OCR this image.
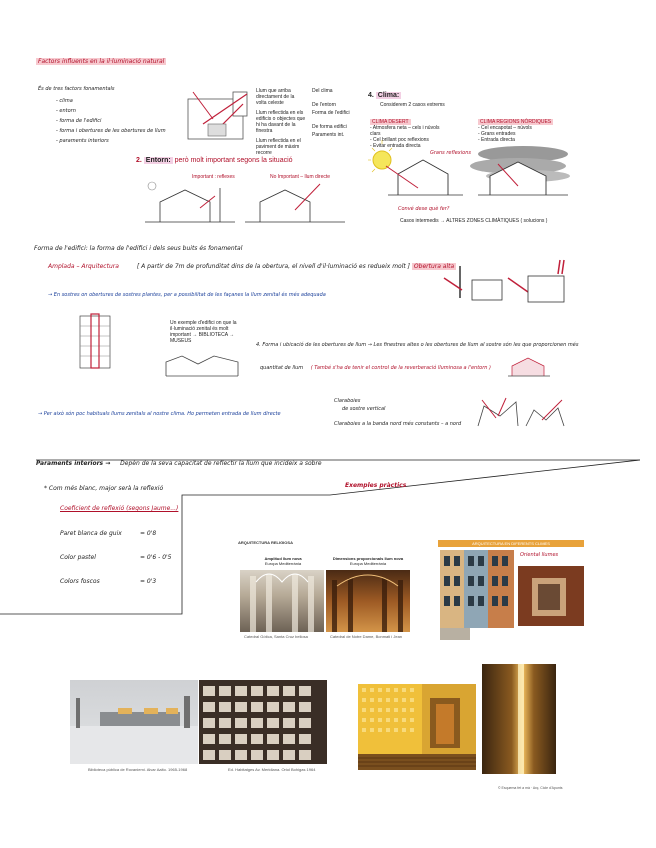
Factors influents en la il·luminació natural
És de tres factors fonamentals
- clima
- entorn
- forma de l'edifici
- forma i obertures de les obertures de llum
- paraments interiors
Llum que arriba directament de la volta celeste
Llum reflectida en els edificis o objectes que hi ha davant de la finestra
Llum reflectida en el paviment de màxim recorre
Del clima
De l'entorn
Forma de l'edifici
De forma edifici
Paraments int.
2. Entorn: però molt important segons la situació
Important : reflexes	No Important – llum directe
4. Clima:
Considerem 2 casos extrems
CLIMA DESERT
- Atmosfera neta – cels i núvols clars
- Cel brillant poc reflexions
- Evitar entrada directa
CLIMA REGIONS NÒRDIQUES
- Cel encapotat – núvols
- Grans entrades
- Entrada directa
Grans reflexions
Convé dese què fer?
Casos intermedis → ALTRES ZONES CLIMÀTIQUES ( solucions )
Forma de l'edifici: la forma de l'edifici i dels seus buits és fonamental
Amplada – Arquitectura	[ A partir de 7m de profunditat dins de la obertura, el nivell d'il·luminació es redueix molt ] Obertura alta
→ En sostres on obertures de sostres plantes, per a possibilitat de les façanes la llum zenital és més adequada
Un exemple d'edifici on que la il·luminació zenital és molt important → BIBLIOTECA → MUSEUS
4. Forma i ubicació de les obertures de llum → Les finestres altes o les obertures de llum al sostre són les que proporcionen més
quantitat de llum ( També s'ha de tenir el control de la reverberació lluminosa a l'entorn )
→ Per això són poc habituals llums zenitals al nostre clima. Ho permeten entrada de llum directe
Claraboies
de sostre vertical
Claraboies a la banda nord més constants – a nord
Paraments interiors → Depèn de la seva capacitat de reflectir la llum que incideix a sobre
* Com més blanc, major serà la reflexió
Coeficient de reflexió (segons Jaume...)
Paret blanca de guix	= 0'8
Color pastel	= 0'6 - 0'5
Colors foscos	= 0'3
Exemples pràctics
ARQUITECTURA RELIGIOSA
Amplitud llum nova
Europa Mediterrània
Dimensions proporcionals llum nova
Europa Mediterrània
Catedral Gòtica, Santa Cruz bellosa	Catedral de Notre Dame, Bonmati i Jean
ARQUITECTURA EN DIFERENTS CLIMES
Oriental llumes
Biblioteca pública de Rovaniemi. Alvar Aalto. 1965-1968	Ed. Habitatges Av. Meridiana. Oriol Bohigas 1964
© Esquema fet a mà · Arq. Cicle d'Apunts
